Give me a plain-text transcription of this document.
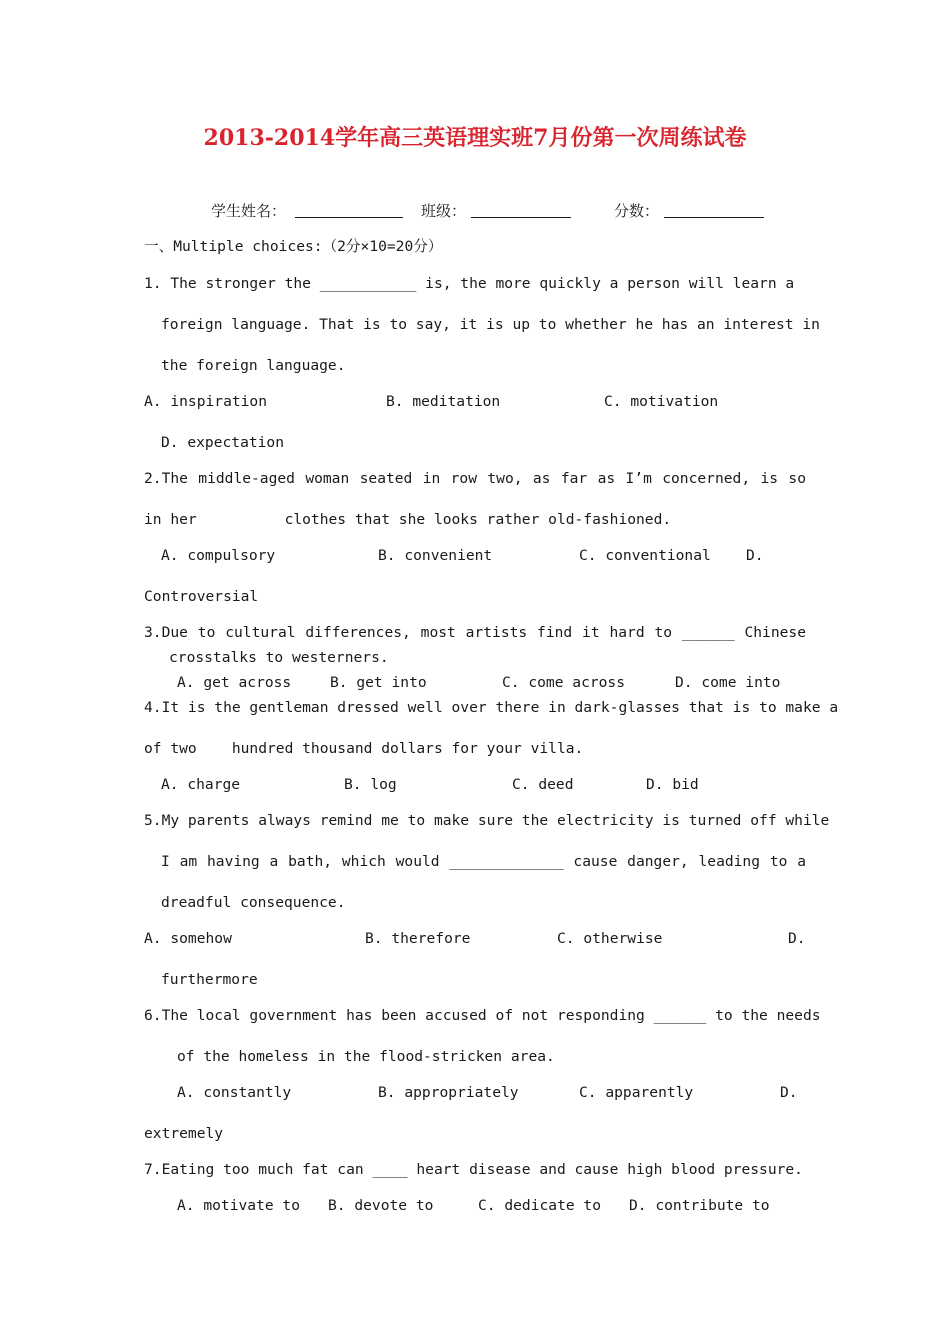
2013-2014学年高三英语理实班7月份第一次周练试卷
学生姓名：	班级：	分数：
一、Multiple choices:（2分×10=20分）
1. The stronger the ___________ is, the more quickly a person will learn a
foreign language. That is to say, it is up to whether he has an interest in
the foreign language.
A. inspiration	B. meditation	C. motivation
D. expectation
2.The middle-aged woman seated in row two, as far as I’m concerned, is so
in her          clothes that she looks rather old-fashioned.
A. compulsory	B. convenient	C. conventional D.
Controversial
3.Due to cultural differences, most artists find it hard to ______ Chinese
crosstalks to westerners.
A. get across	B. get into	C. come across	D. come into
4.It is the gentleman dressed well over there in dark-glasses that is to make a
of two    hundred thousand dollars for your villa.
A. charge	B. log	C. deed	D. bid
5.My parents always remind me to make sure the electricity is turned off while
I am having a bath, which would _____________ cause danger, leading to a
dreadful consequence.
A. somehow	B. therefore	C. otherwise	D.
furthermore
6.The local government has been accused of not responding ______ to the needs
of the homeless in the flood-stricken area.
A. constantly	B. appropriately	C. apparently	D.
extremely
7.Eating too much fat can ____ heart disease and cause high blood pressure.
A. motivate to B. devote to	C. dedicate to D. contribute to
